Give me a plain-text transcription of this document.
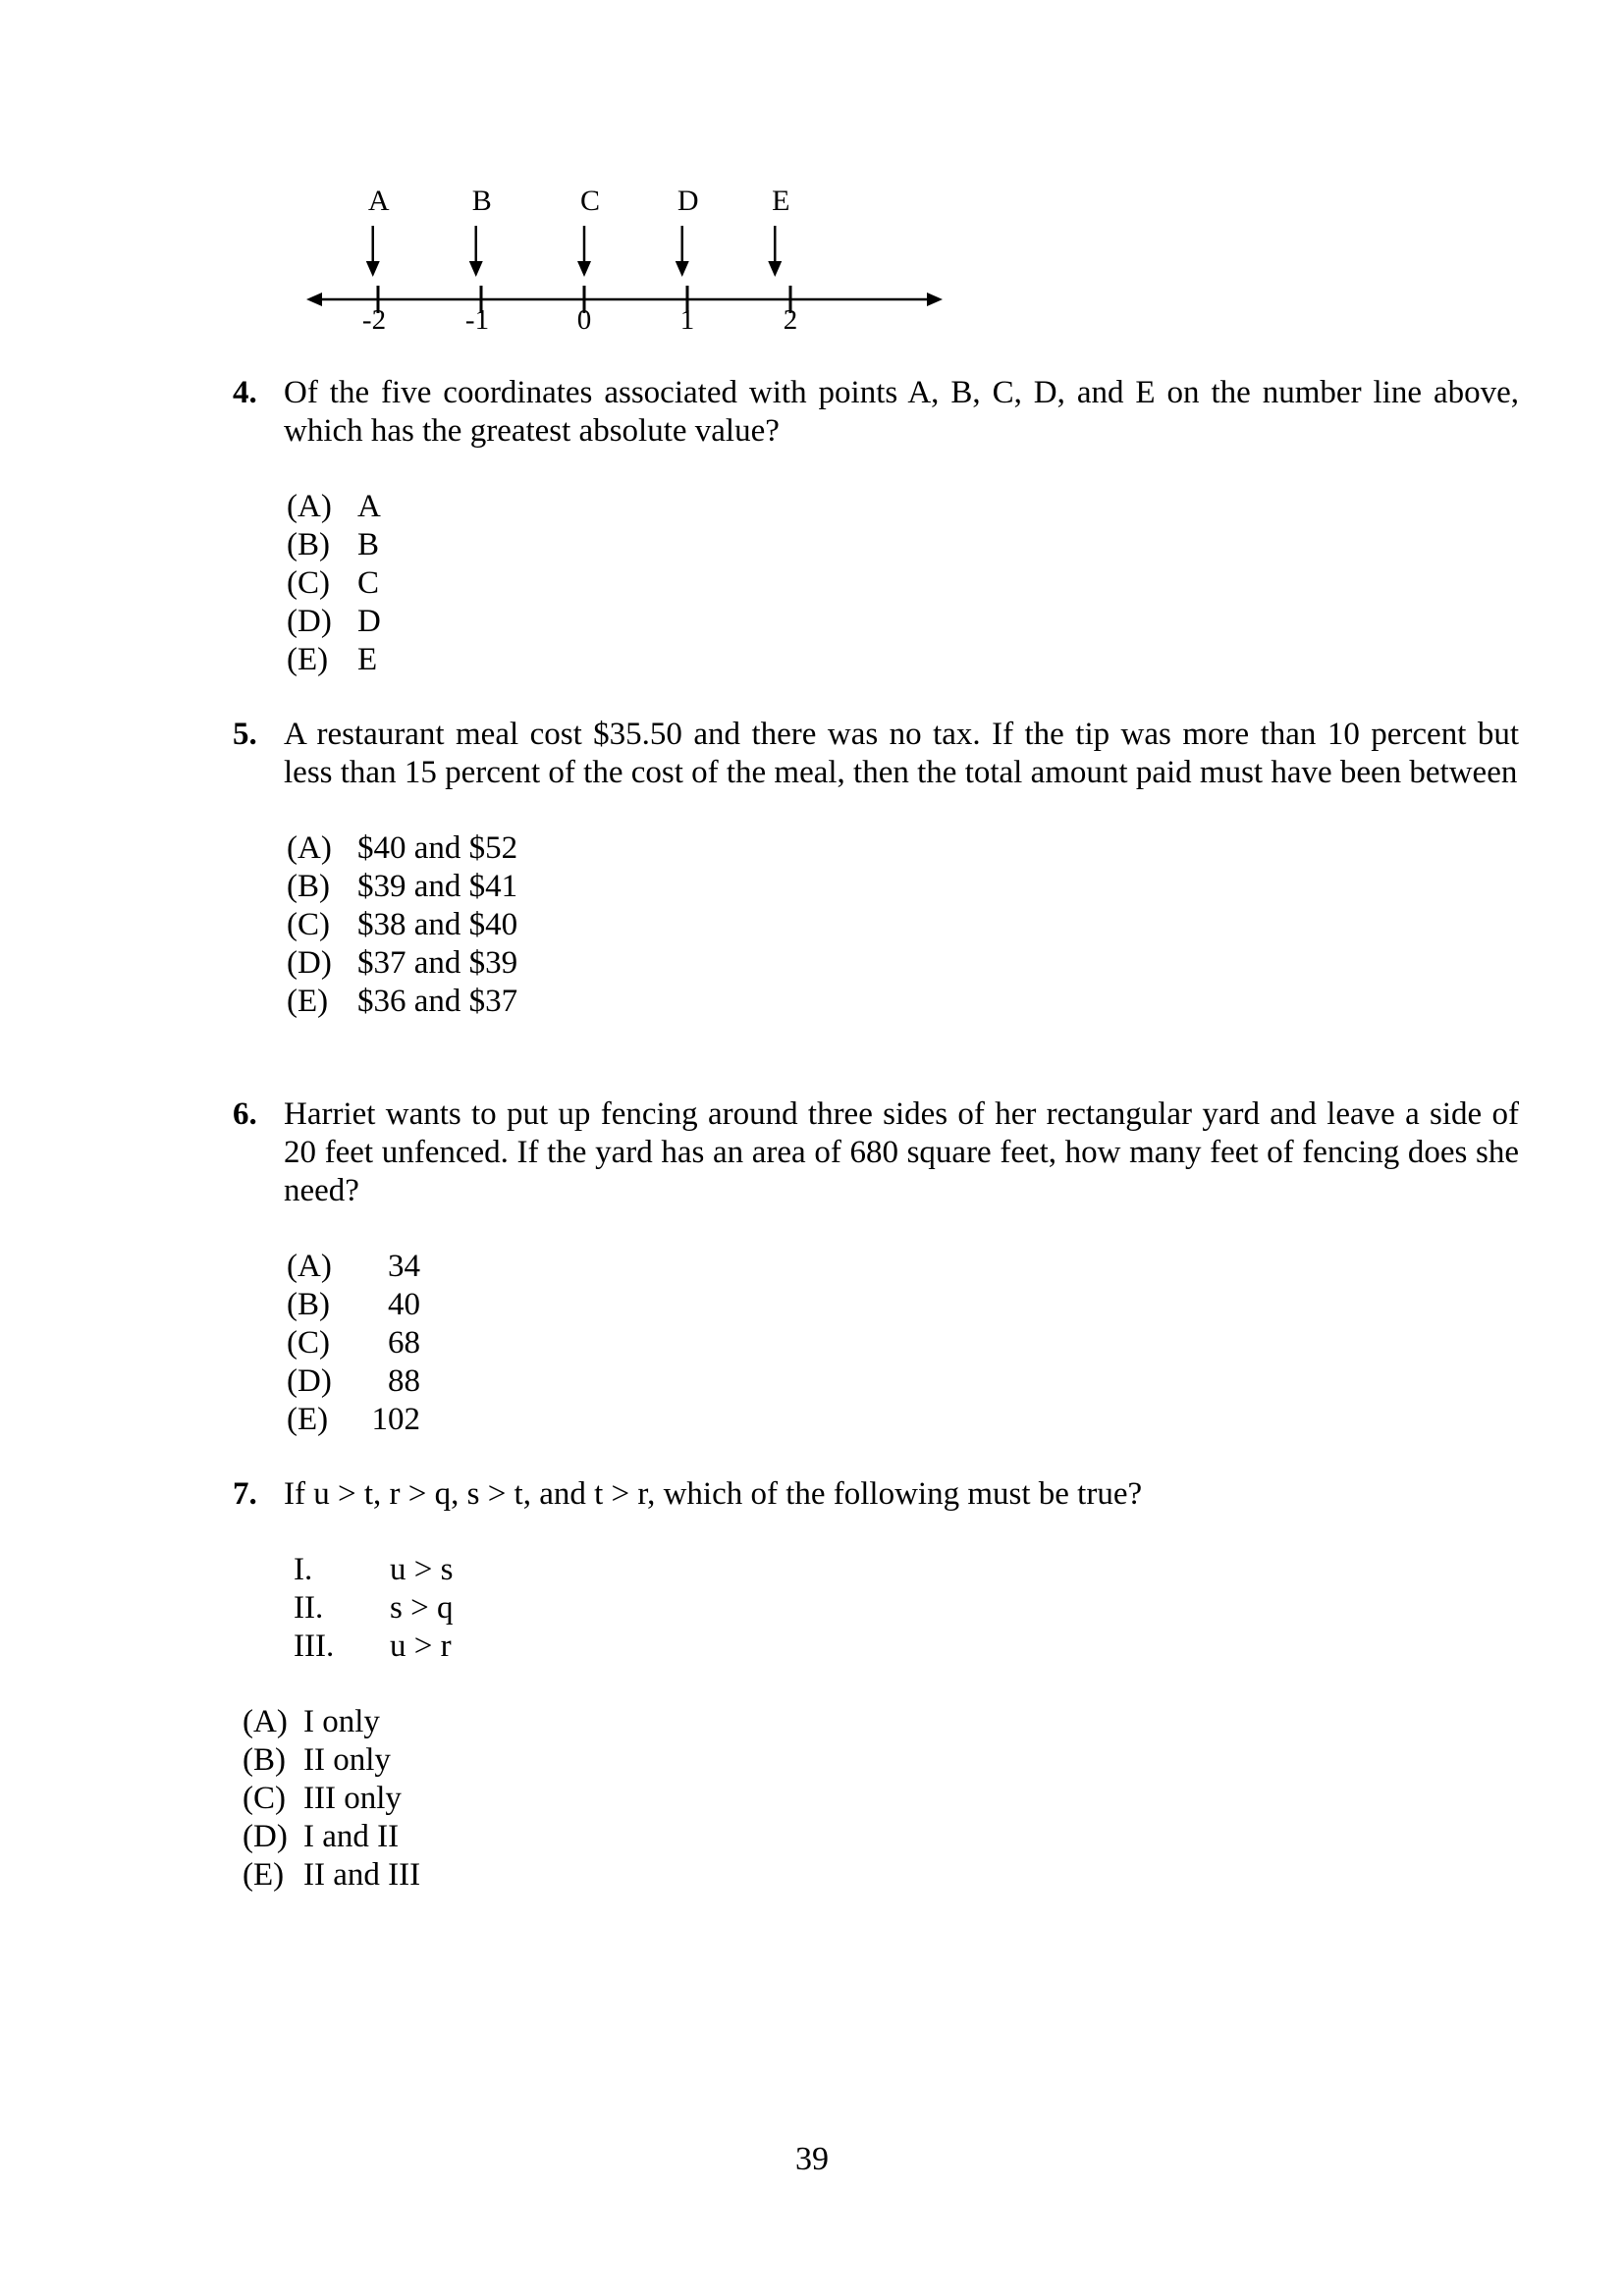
-2	-1	0	1	2
A	B	C	D E
4. Of the five coordinates associated with points A, B, C, D, and E on the number line above, which has the greatest absolute value?
(A) A
(B) B
(C) C
(D) D
(E) E
5. A restaurant meal cost $35.50 and there was no tax. If the tip was more than 10 percent but less than 15 percent of the cost of the meal, then the total amount paid must have been between
(A) $40 and $52
(B) $39 and $41
(C) $38 and $40
(D) $37 and $39
(E) $36 and $37
6. Harriet wants to put up fencing around three sides of her rectangular yard and leave a side of 20 feet unfenced. If the yard has an area of 680 square feet, how many feet of fencing does she need?
(A)	34
(B)	40
(C)	68
(D)	88
(E)	102
7. If u > t, r > q, s > t, and t > r, which of the following must be true?
I.	u > s
II.	s > q
III.	u > r
(A) I only
(B) II only
(C) III only
(D) I and II
(E) II and III
39
